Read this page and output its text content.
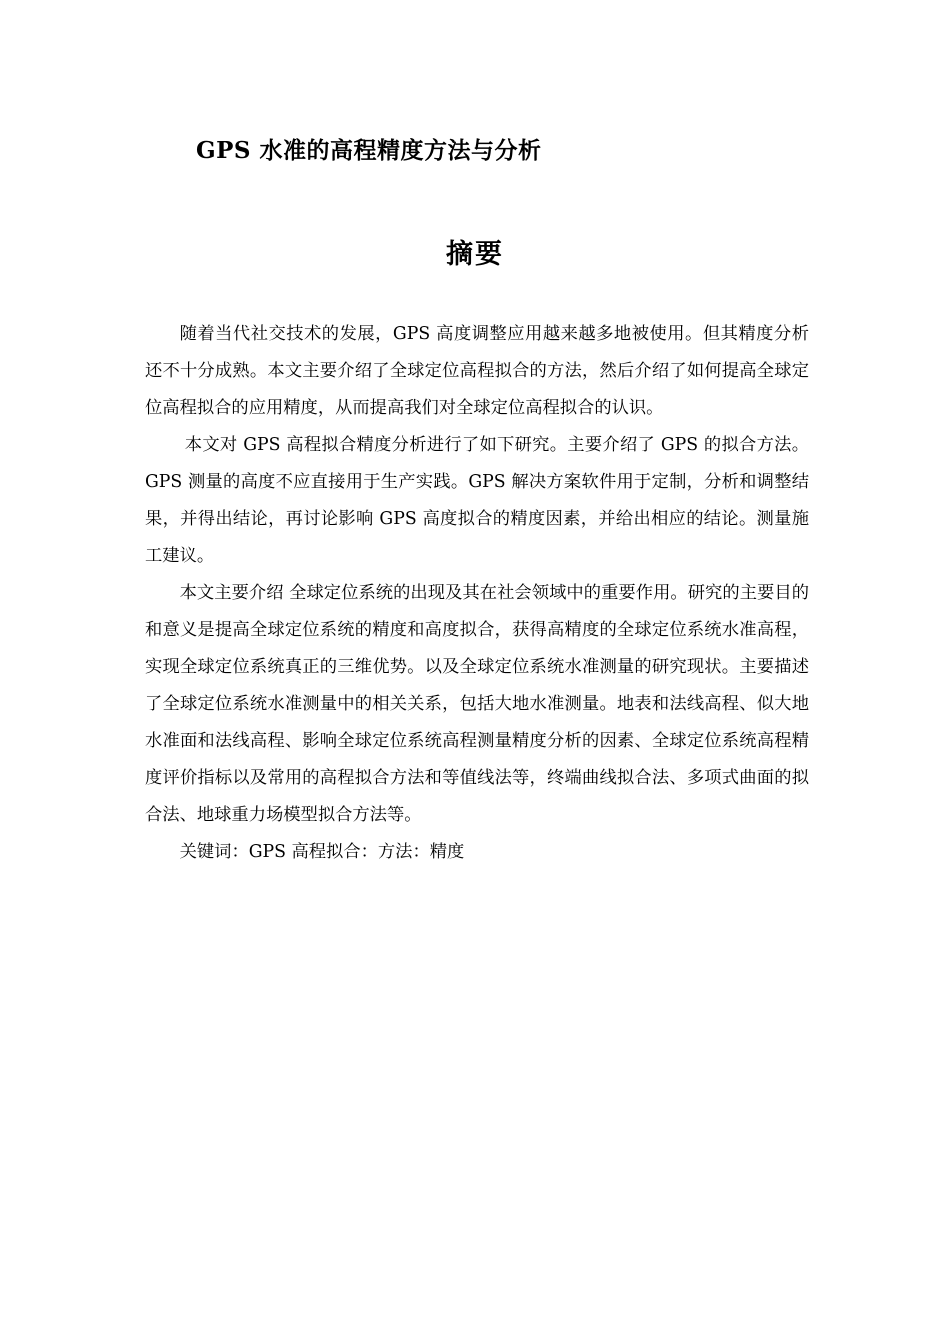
GPS 水准的高程精度方法与分析
摘要

随着当代社交技术的发展，GPS 高度调整应用越来越多地被使用。但其精度分析还不十分成熟。本文主要介绍了全球定位高程拟合的方法，然后介绍了如何提高全球定位高程拟合的应用精度，从而提高我们对全球定位高程拟合的认识。

本文对 GPS 高程拟合精度分析进行了如下研究。主要介绍了 GPS 的拟合方法。 GPS 测量的高度不应直接用于生产实践。GPS 解决方案软件用于定制，分析和调整结果，并得出结论，再讨论影响 GPS 高度拟合的精度因素，并给出相应的结论。测量施工建议。

本文主要介绍 全球定位系统的出现及其在社会领域中的重要作用。研究的主要目的和意义是提高全球定位系统的精度和高度拟合，获得高精度的全球定位系统水准高程，实现全球定位系统真正的三维优势。以及全球定位系统水准测量的研究现状。主要描述了全球定位系统水准测量中的相关关系，包括大地水准测量。地表和法线高程、似大地水准面和法线高程、影响全球定位系统高程测量精度分析的因素、全球定位系统高程精度评价指标以及常用的高程拟合方法和等值线法等，终端曲线拟合法、多项式曲面的拟合法、地球重力场模型拟合方法等。

关键词：GPS 高程拟合：方法：精度
